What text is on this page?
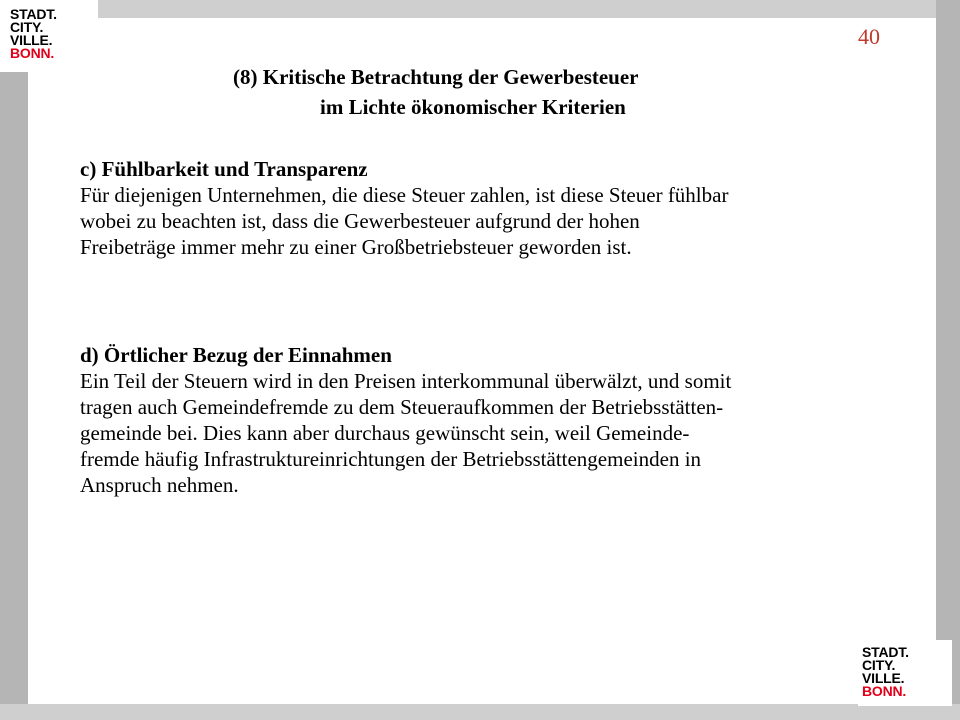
STADT.
CITY.
VILLE.
BONN.
40
(8) Kritische Betrachtung der Gewerbesteuer
im Lichte ökonomischer Kriterien

c) Fühlbarkeit und Transparenz

Für diejenigen Unternehmen, die diese Steuer zahlen, ist diese Steuer fühlbar

wobei zu beachten ist, dass die Gewerbesteuer aufgrund der hohen

Freibeträge immer mehr zu einer Großbetriebsteuer geworden ist.

d) Örtlicher Bezug der Einnahmen

Ein Teil der Steuern wird in den Preisen interkommunal überwälzt, und somit

tragen auch Gemeindefremde zu dem Steueraufkommen der Betriebsstätten-

gemeinde bei. Dies kann aber durchaus gewünscht sein, weil Gemeinde-

fremde häufig Infrastruktureinrichtungen der Betriebsstättengemeinden in

Anspruch nehmen.

STADT.
CITY.
VILLE.
BONN.
